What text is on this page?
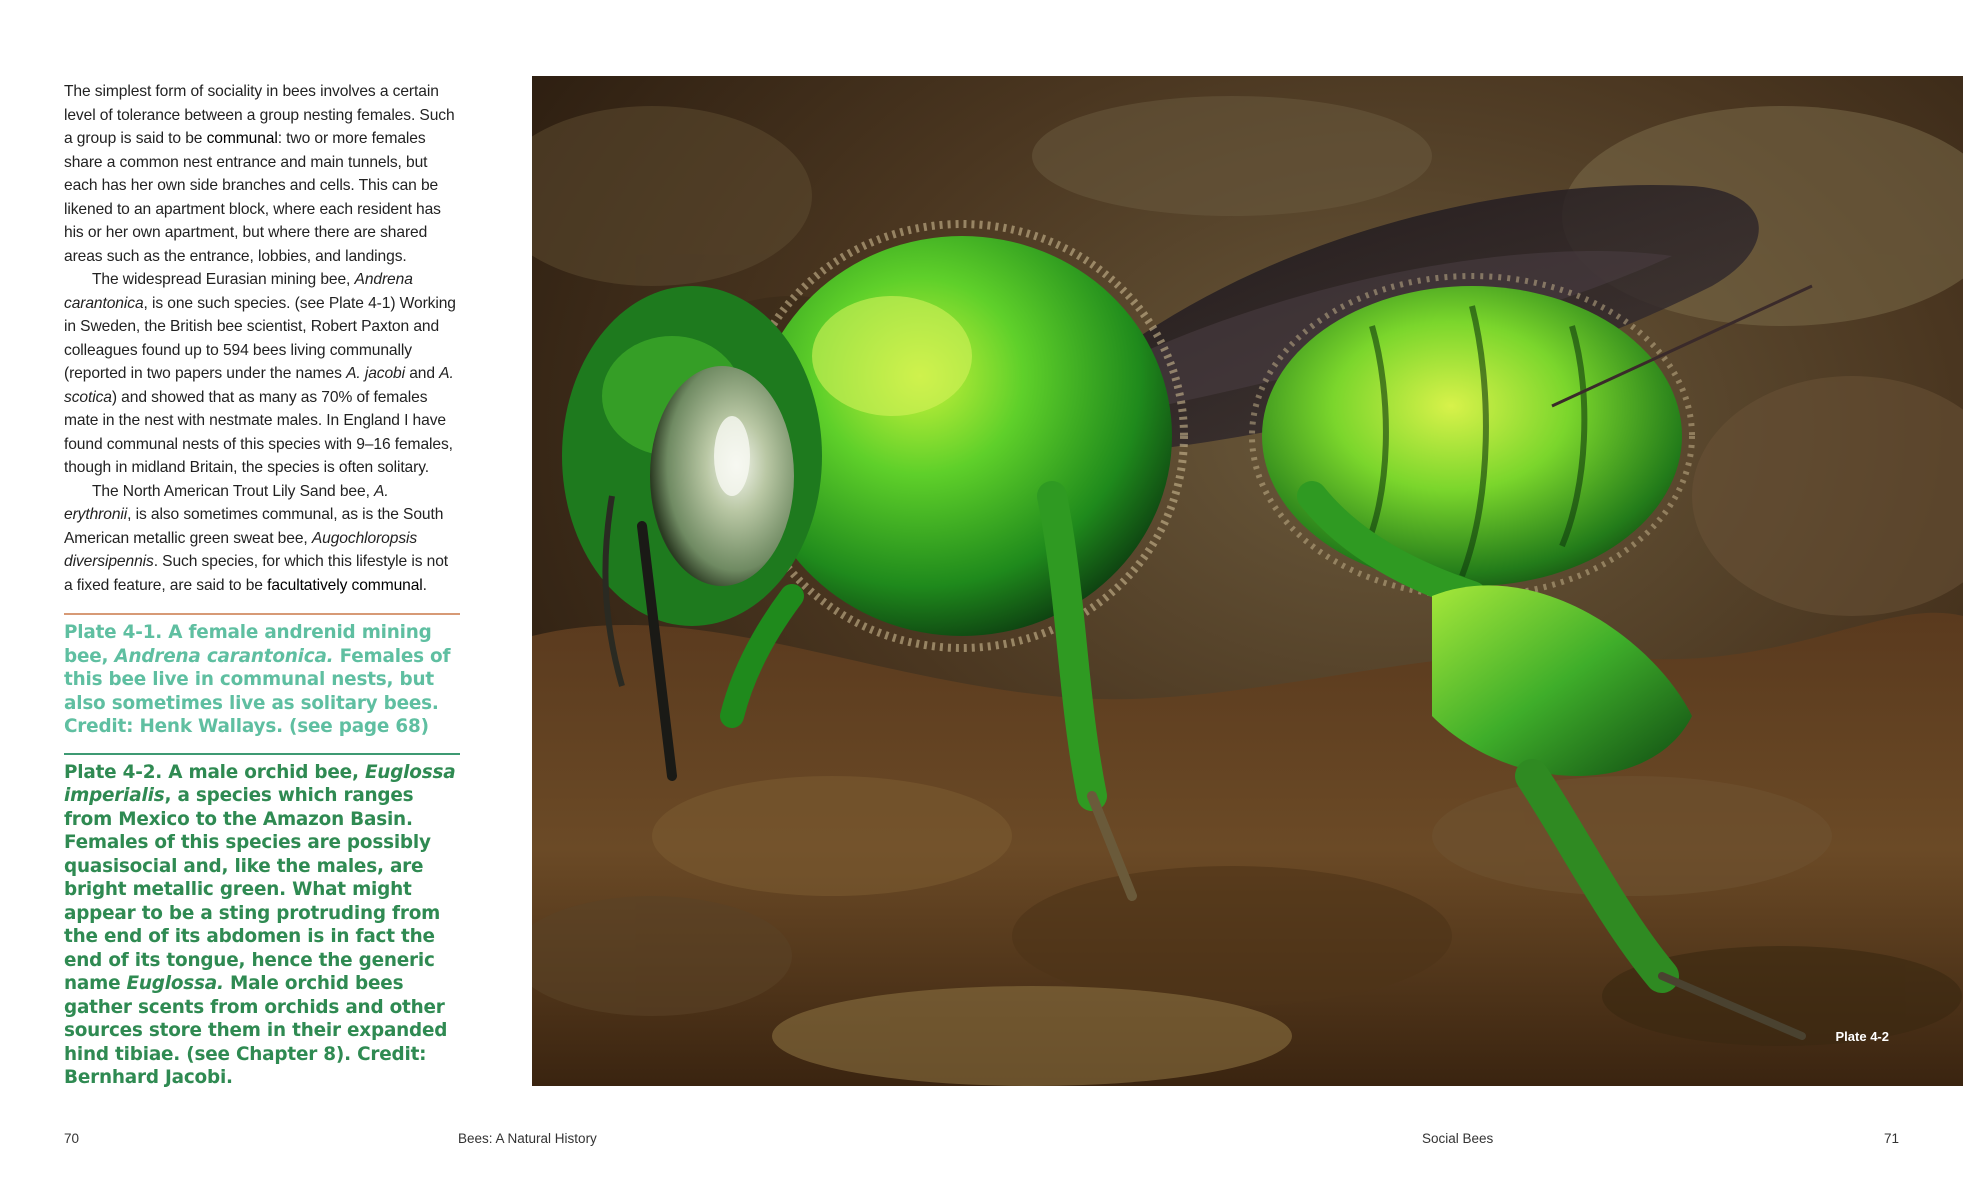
The simplest form of sociality in bees involves a certain level of tolerance between a group nesting females. Such a group is said to be communal: two or more females share a common nest entrance and main tunnels, but each has her own side branches and cells. This can be likened to an apartment block, where each resident has his or her own apartment, but where there are shared areas such as the entrance, lobbies, and landings.

The widespread Eurasian mining bee, Andrena carantonica, is one such species. (see Plate 4-1) Working in Sweden, the British bee scientist, Robert Paxton and colleagues found up to 594 bees living communally (reported in two papers under the names A. jacobi and A. scotica) and showed that as many as 70% of females mate in the nest with nestmate males. In England I have found communal nests of this species with 9–16 females, though in midland Britain, the species is often solitary.

The North American Trout Lily Sand bee, A. erythronii, is also sometimes communal, as is the South American metallic green sweat bee, Augochloropsis diversipennis. Such species, for which this lifestyle is not a fixed feature, are said to be facultatively communal.

Plate 4-1. A female andrenid mining bee, Andrena carantonica. Females of this bee live in communal nests, but also sometimes live as solitary bees. Credit: Henk Wallays. (see page 68)

Plate 4-2. A male orchid bee, Euglossa imperialis, a species which ranges from Mexico to the Amazon Basin. Females of this species are possibly quasisocial and, like the males, are bright metallic green. What might appear to be a sting protruding from the end of its abdomen is in fact the end of its tongue, hence the generic name Euglossa. Male orchid bees gather scents from orchids and other sources store them in their expanded hind tibiae. (see Chapter 8). Credit: Bernhard Jacobi.

Plate 4-2
70	Bees: A Natural History	Social Bees	71
